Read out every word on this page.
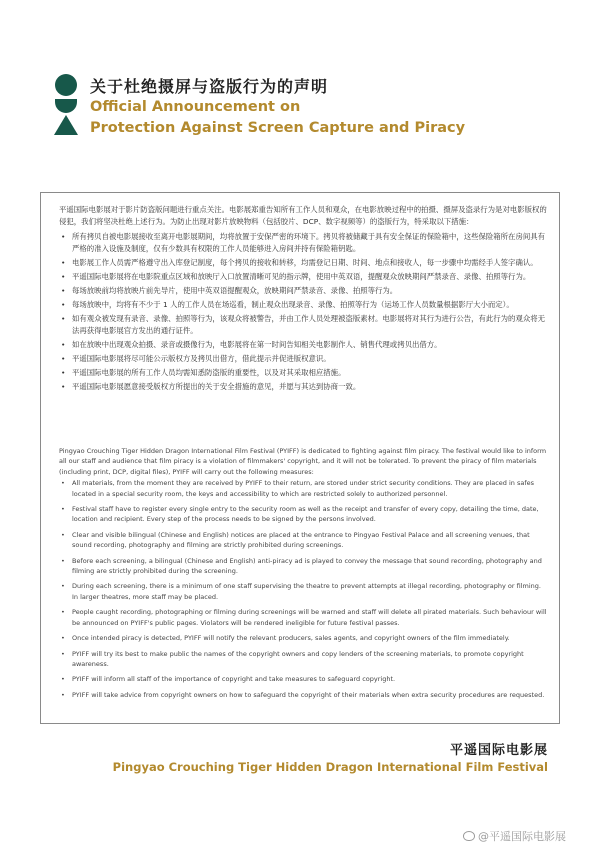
关于杜绝摄屏与盗版行为的声明
Official Announcement on
Protection Against Screen Capture and Piracy

平遥国际电影展对于影片防盗版问题进行重点关注。电影展郑重告知所有工作人员和观众，在电影放映过程中的拍摄、摄屏及盗录行为是对电影版权的侵犯，我们将坚决杜绝上述行为。为防止出现对影片放映物料（包括胶片、DCP、数字视频等）的盗版行为，特采取以下措施：

• 所有拷贝自被电影展接收至离开电影展期间，均将放置于安保严密的环境下。拷贝将被储藏于具有安全保证的保险箱中，这些保险箱所在房间具有严格的准入设施及制度，仅有少数具有权限的工作人员能够进入房间并持有保险箱钥匙。
• 电影展工作人员需严格遵守出入库登记制度，每个拷贝的接收和转移，均需登记日期、时间、地点和接收人，每一步骤中均需经手人签字确认。
• 平遥国际电影展将在电影院重点区域和放映厅入口放置清晰可见的指示牌，使用中英双语，提醒观众放映期间严禁录音、录像、拍照等行为。
• 每场放映前均将放映片前先导片，使用中英双语提醒观众，放映期间严禁录音、录像、拍照等行为。
• 每场放映中，均将有不少于 1 人的工作人员在场巡看，制止观众出现录音、录像、拍照等行为（运场工作人员数量根据影厅大小而定）。
• 如有观众被发现有录音、录像、拍照等行为，该观众将被警告，并由工作人员处理被盗版素材。电影展将对其行为进行公告，有此行为的观众将无法再获得电影展官方发出的通行证件。
• 如在放映中出现观众拍摄、录音或摄像行为，电影展将在第一时间告知相关电影制作人、销售代理或拷贝出借方。
• 平遥国际电影展将尽可能公示版权方及拷贝出借方，借此提示并促进版权意识。
• 平遥国际电影展的所有工作人员均需知悉防盗版的重要性，以及对其采取相应措施。
• 平遥国际电影展愿意接受版权方所提出的关于安全措施的意见，并愿与其达到协商一致。

Pingyao Crouching Tiger Hidden Dragon International Film Festival (PYIFF) is dedicated to fighting against film piracy. The festival would like to inform all our staff and audience that film piracy is a violation of filmmakers' copyright, and it will not be tolerated. To prevent the piracy of film materials (including print, DCP, digital files), PYIFF will carry out the following measures:

• All materials, from the moment they are received by PYIFF to their return, are stored under strict security conditions. They are placed in safes located in a special security room, the keys and accessibility to which are restricted solely to authorized personnel.
• Festival staff have to register every single entry to the security room as well as the receipt and transfer of every copy, detailing the time, date, location and recipient. Every step of the process needs to be signed by the persons involved.
• Clear and visible bilingual (Chinese and English) notices are placed at the entrance to Pingyao Festival Palace and all screening venues, that sound recording, photography and filming are strictly prohibited during screenings.
• Before each screening, a bilingual (Chinese and English) anti-piracy ad is played to convey the message that sound recording, photography and filming are strictly prohibited during the screening.
• During each screening, there is a minimum of one staff supervising the theatre to prevent attempts at illegal recording, photography or filming. In larger theatres, more staff may be placed.
• People caught recording, photographing or filming during screenings will be warned and staff will delete all pirated materials. Such behaviour will be announced on PYIFF's public pages. Violators will be rendered ineligible for future festival passes.
• Once intended piracy is detected, PYIFF will notify the relevant producers, sales agents, and copyright owners of the film immediately.
• PYIFF will try its best to make public the names of the copyright owners and copy lenders of the screening materials, to promote copyright awareness.
• PYIFF will inform all staff of the importance of copyright and take measures to safeguard copyright.
• PYIFF will take advice from copyright owners on how to safeguard the copyright of their materials when extra security procedures are requested.
平遥国际电影展
Pingyao Crouching Tiger Hidden Dragon International Film Festival
@平遥国际电影展
